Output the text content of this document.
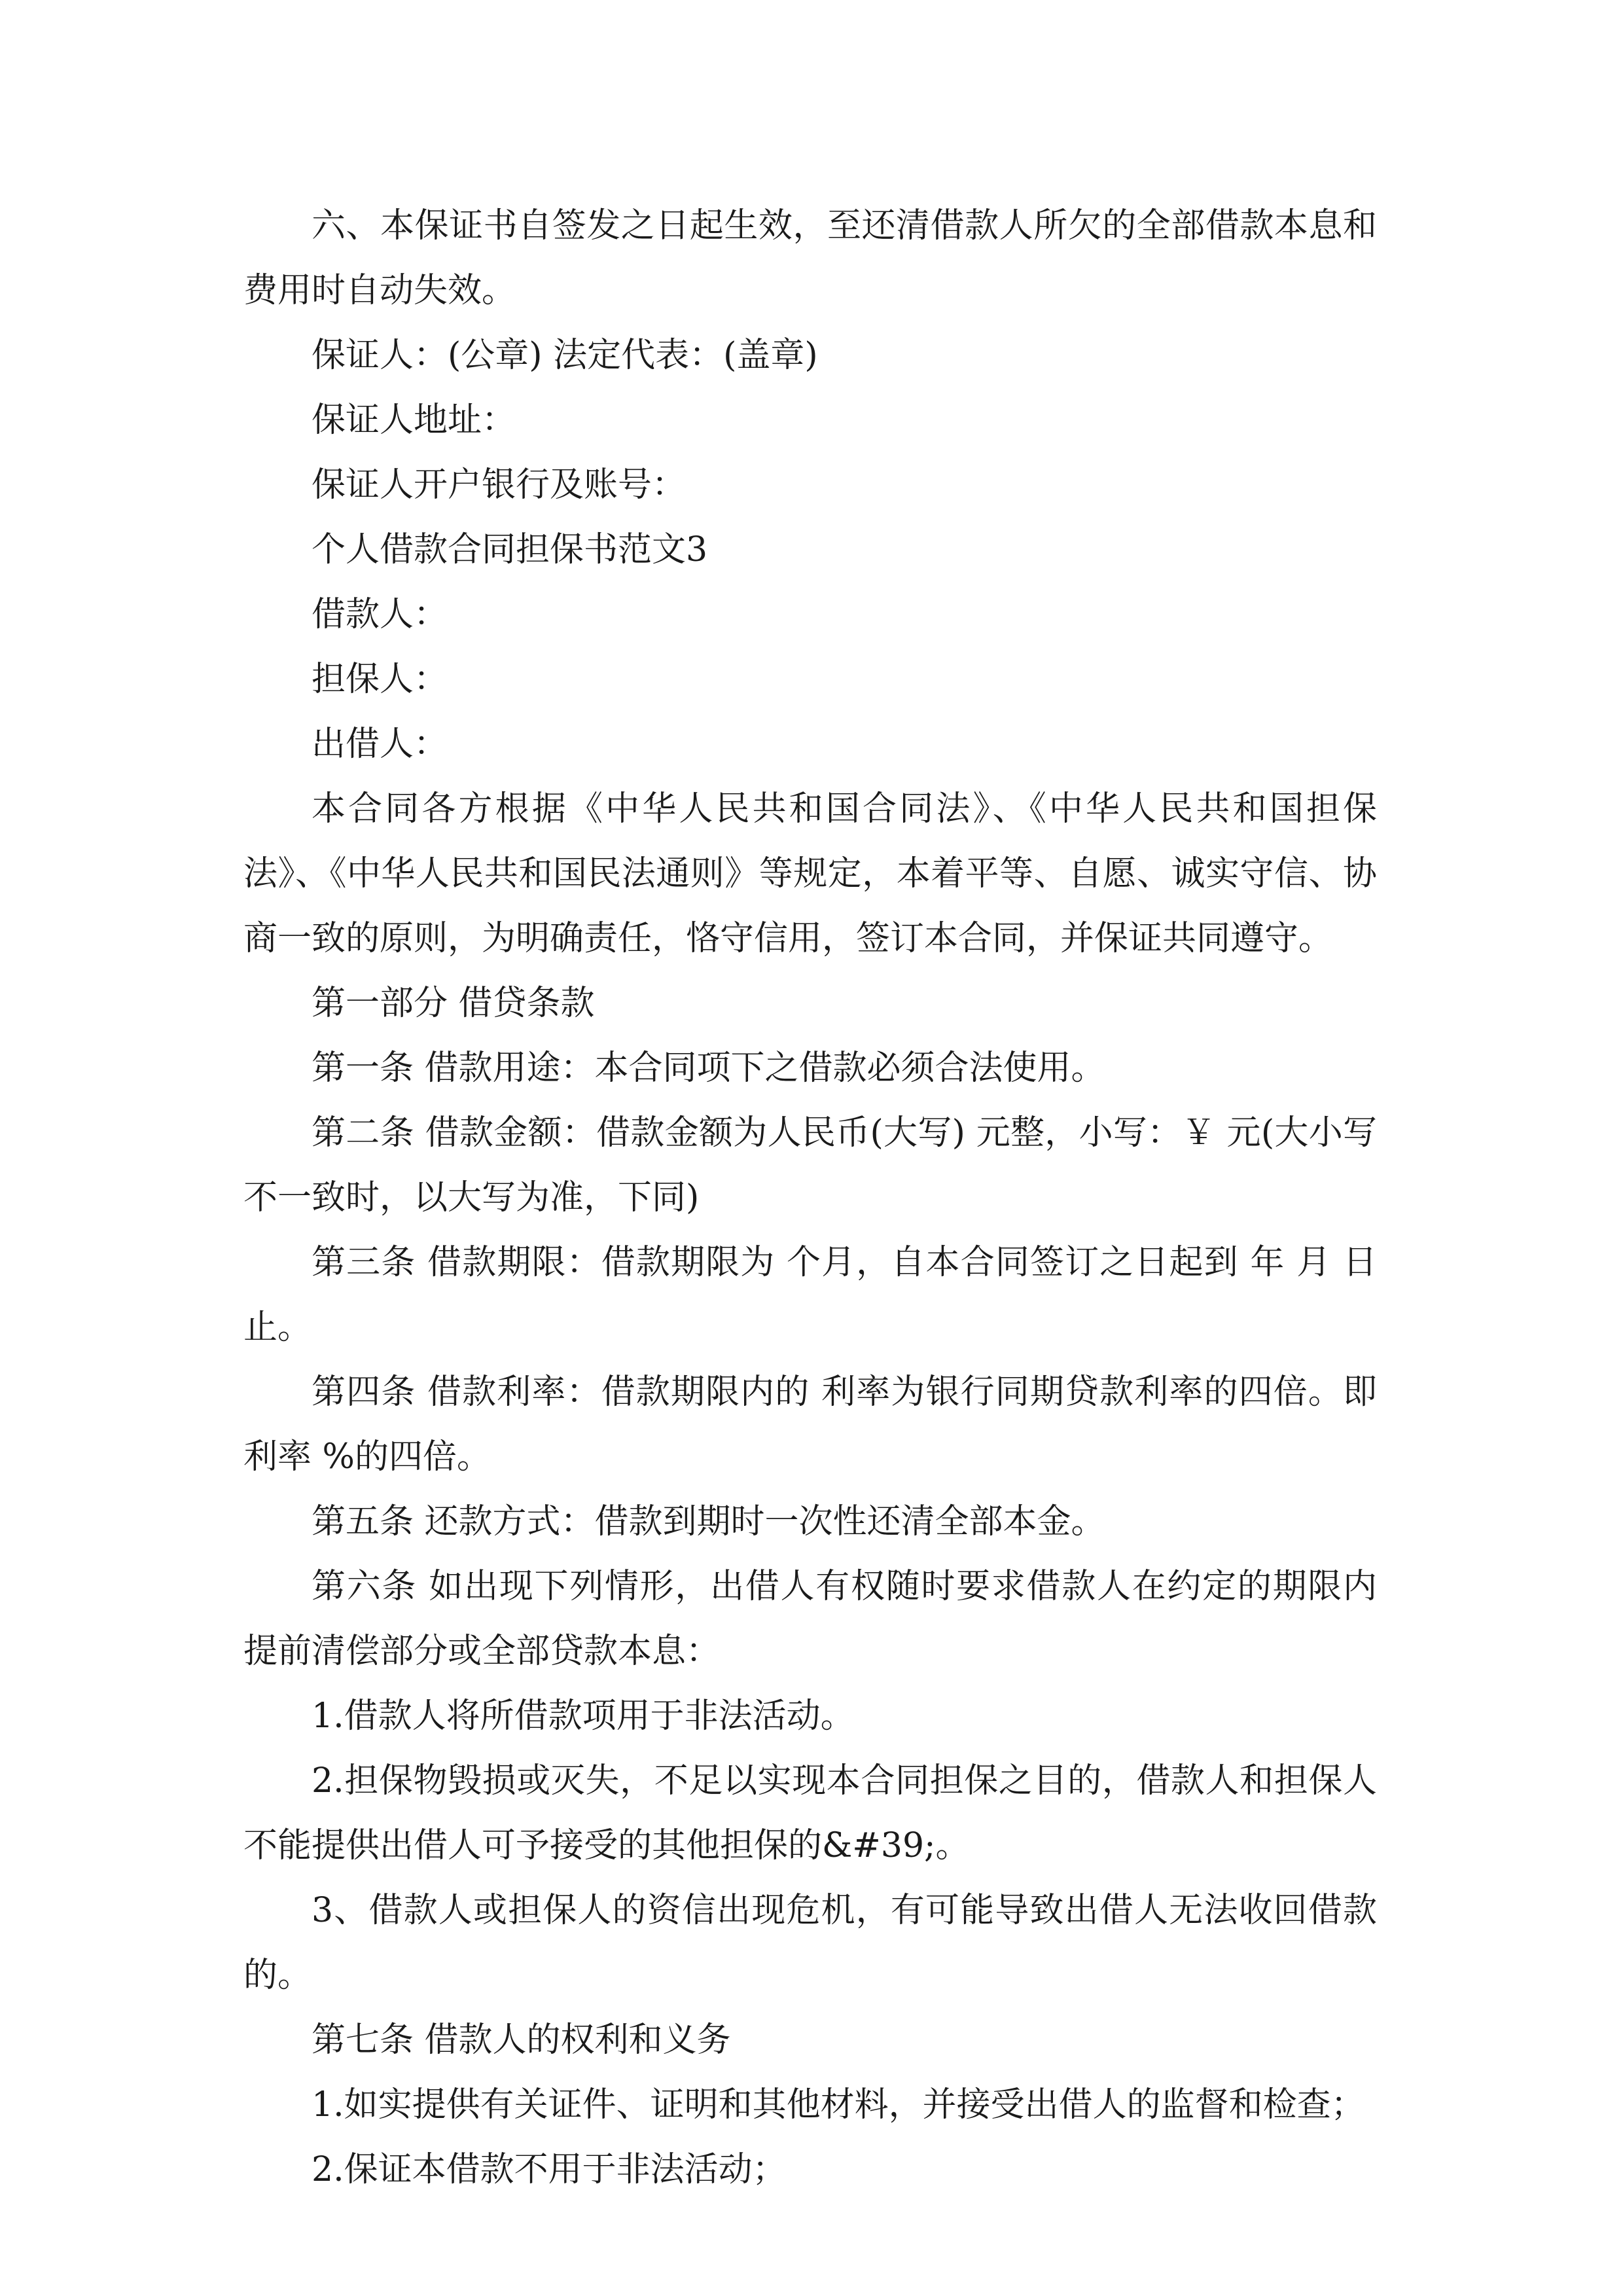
六、本保证书自签发之日起生效，至还清借款人所欠的全部借款本息和费用时自动失效。

保证人：(公章) 法定代表：(盖章)

保证人地址：

保证人开户银行及账号：

个人借款合同担保书范文3

借款人：

担保人：

出借人：

本合同各方根据《中华人民共和国合同法》、《中华人民共和国担保法》、《中华人民共和国民法通则》等规定，本着平等、自愿、诚实守信、协商一致的原则，为明确责任，恪守信用，签订本合同，并保证共同遵守。

第一部分 借贷条款

第一条 借款用途：本合同项下之借款必须合法使用。

第二条 借款金额：借款金额为人民币(大写) 元整，小写：￥ 元(大小写不一致时，以大写为准，下同)

第三条 借款期限：借款期限为 个月，自本合同签订之日起到 年 月 日止。

第四条 借款利率：借款期限内的 利率为银行同期贷款利率的四倍。即 利率 %的四倍。

第五条 还款方式：借款到期时一次性还清全部本金。

第六条 如出现下列情形，出借人有权随时要求借款人在约定的期限内提前清偿部分或全部贷款本息：

1.借款人将所借款项用于非法活动。

2.担保物毁损或灭失，不足以实现本合同担保之目的，借款人和担保人不能提供出借人可予接受的其他担保的&#39;。

3、借款人或担保人的资信出现危机，有可能导致出借人无法收回借款的。

第七条 借款人的权利和义务

1.如实提供有关证件、证明和其他材料，并接受出借人的监督和检查；

2.保证本借款不用于非法活动；
